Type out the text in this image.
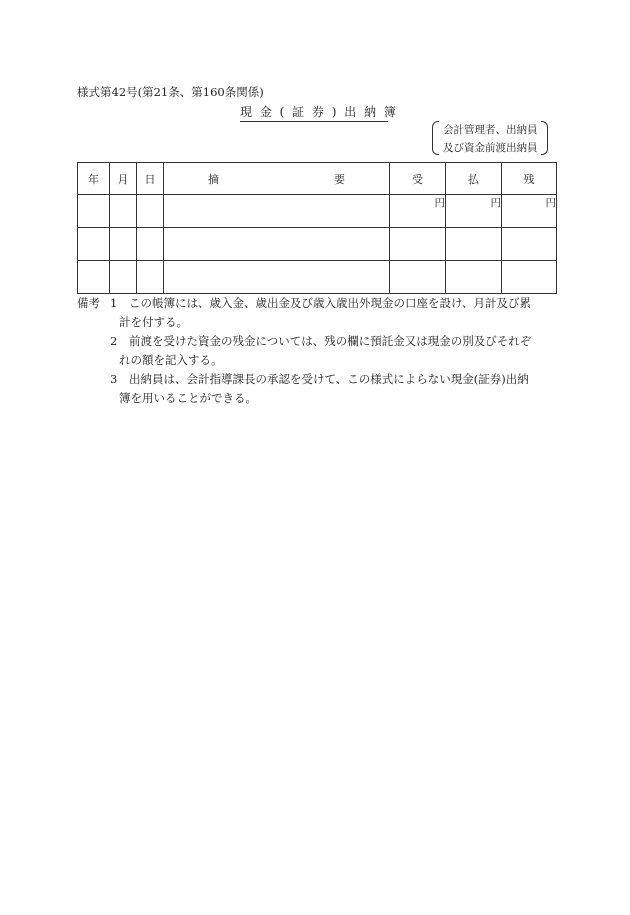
様式第42号(第21条、第160条関係)
現 金 ( 証 券 ) 出 納 簿
会計管理者、出納員
及び資金前渡出納員
年	月	日	摘 要	受	払	残
				円	円	円

備考 1 この帳簿には、歳入金、歳出金及び歳入歳出外現金の口座を設け、月計及び累
計を付する。
2 前渡を受けた資金の残金については、残の欄に預託金又は現金の別及びそれぞ
れの額を記入する。
3 出納員は、会計指導課長の承認を受けて、この様式によらない現金(証券)出納
簿を用いることができる。
